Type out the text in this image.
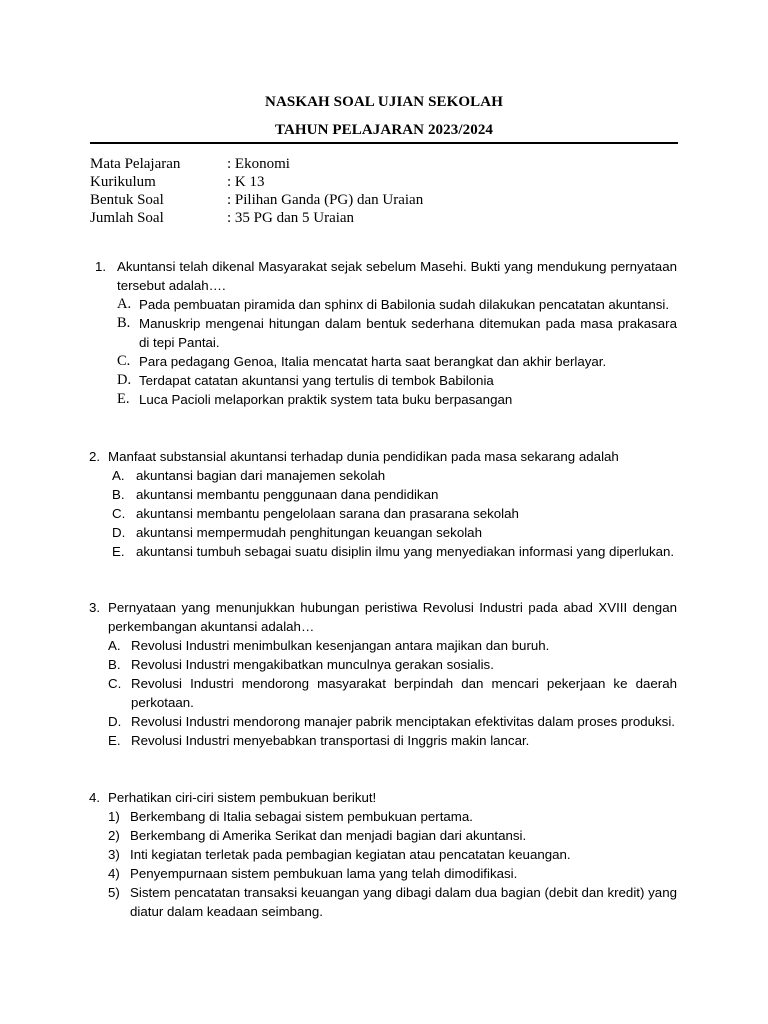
NASKAH SOAL UJIAN SEKOLAH
TAHUN PELAJARAN 2023/2024
Mata Pelajaran	: Ekonomi
Kurikulum	: K 13
Bentuk Soal	: Pilihan Ganda (PG) dan Uraian
Jumlah Soal	: 35 PG dan 5 Uraian
1. Akuntansi telah dikenal Masyarakat sejak sebelum Masehi. Bukti yang mendukung pernyataan tersebut adalah….
A. Pada pembuatan piramida dan sphinx di Babilonia sudah dilakukan pencatatan akuntansi.
B. Manuskrip mengenai hitungan dalam bentuk sederhana ditemukan pada masa prakasara di tepi Pantai.
C. Para pedagang Genoa, Italia mencatat harta saat berangkat dan akhir berlayar.
D. Terdapat catatan akuntansi yang tertulis di tembok Babilonia
E. Luca Pacioli melaporkan praktik system tata buku berpasangan
2. Manfaat substansial akuntansi terhadap dunia pendidikan pada masa sekarang adalah
A. akuntansi bagian dari manajemen sekolah
B. akuntansi membantu penggunaan dana pendidikan
C. akuntansi membantu pengelolaan sarana dan prasarana sekolah
D. akuntansi mempermudah penghitungan keuangan sekolah
E. akuntansi tumbuh sebagai suatu disiplin ilmu yang menyediakan informasi yang diperlukan.
3. Pernyataan yang menunjukkan hubungan peristiwa Revolusi Industri pada abad XVIII dengan perkembangan akuntansi adalah…
A. Revolusi Industri menimbulkan kesenjangan antara majikan dan buruh.
B. Revolusi Industri mengakibatkan munculnya gerakan sosialis.
C. Revolusi Industri mendorong masyarakat berpindah dan mencari pekerjaan ke daerah perkotaan.
D. Revolusi Industri mendorong manajer pabrik menciptakan efektivitas dalam proses produksi.
E. Revolusi Industri menyebabkan transportasi di Inggris makin lancar.
4. Perhatikan ciri-ciri sistem pembukuan berikut!
1) Berkembang di Italia sebagai sistem pembukuan pertama.
2) Berkembang di Amerika Serikat dan menjadi bagian dari akuntansi.
3) Inti kegiatan terletak pada pembagian kegiatan atau pencatatan keuangan.
4) Penyempurnaan sistem pembukuan lama yang telah dimodifikasi.
5) Sistem pencatatan transaksi keuangan yang dibagi dalam dua bagian (debit dan kredit) yang diatur dalam keadaan seimbang.
